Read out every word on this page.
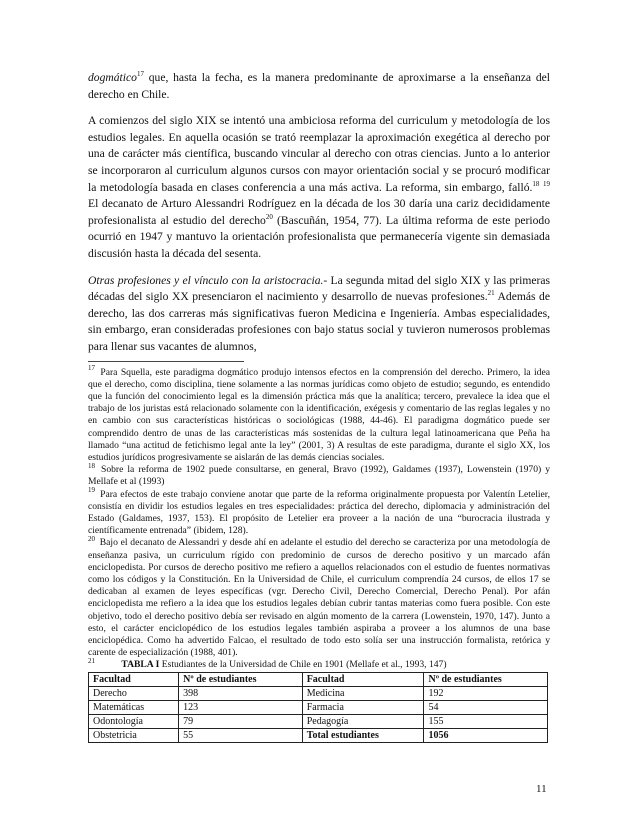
dogmático$^{17}$ que, hasta la fecha, es la manera predominante de aproximarse a la enseñanza del derecho en Chile.

A comienzos del siglo XIX se intentó una ambiciosa reforma del curriculum y metodología de los estudios legales. En aquella ocasión se trató reemplazar la aproximación exegética al derecho por una de carácter más científica, buscando vincular al derecho con otras ciencias. Junto a lo anterior se incorporaron al curriculum algunos cursos con mayor orientación social y se procuró modificar la metodología basada en clases conferencia a una más activa. La reforma, sin embargo, falló.$^{18}$ $^{19}$ El decanato de Arturo Alessandri Rodríguez en la década de los 30 daría una cariz decididamente profesionalista al estudio del derecho$^{20}$ (Bascuñán, 1954, 77). La última reforma de este periodo ocurrió en 1947 y mantuvo la orientación profesionalista que permanecería vigente sin demasiada discusión hasta la década del sesenta.

Otras profesiones y el vínculo con la aristocracia.- La segunda mitad del siglo XIX y las primeras décadas del siglo XX presenciaron el nacimiento y desarrollo de nuevas profesiones.$^{21}$ Además de derecho, las dos carreras más significativas fueron Medicina e Ingeniería. Ambas especialidades, sin embargo, eran consideradas profesiones con bajo status social y tuvieron numerosos problemas para llenar sus vacantes de alumnos,

$^{17}$ Para Squella, este paradigma dogmático produjo intensos efectos en la comprensión del derecho. Primero, la idea que el derecho, como disciplina, tiene solamente a las normas jurídicas como objeto de estudio; segundo, es entendido que la función del conocimiento legal es la dimensión práctica más que la analítica; tercero, prevalece la idea que el trabajo de los juristas está relacionado solamente con la identificación, exégesis y comentario de las reglas legales y no en cambio con sus características históricas o sociológicas (1988, 44-46). El paradigma dogmático puede ser comprendido dentro de unas de las características más sostenidas de la cultura legal latinoamericana que Peña ha llamado “una actitud de fetichismo legal ante la ley” (2001, 3) A resultas de este paradigma, durante el siglo XX, los estudios jurídicos progresivamente se aislarán de las demás ciencias sociales.

$^{18}$ Sobre la reforma de 1902 puede consultarse, en general, Bravo (1992), Galdames (1937), Lowenstein (1970) y Mellafe et al (1993)

$^{19}$ Para efectos de este trabajo conviene anotar que parte de la reforma originalmente propuesta por Valentín Letelier, consistía en dividir los estudios legales en tres especialidades: práctica del derecho, diplomacia y administración del Estado (Galdames, 1937, 153). El propósito de Letelier era proveer a la nación de una “burocracia ilustrada y científicamente entrenada” (ibidem, 128).

$^{20}$ Bajo el decanato de Alessandri y desde ahí en adelante el estudio del derecho se caracteriza por una metodología de enseñanza pasiva, un curriculum rígido con predominio de cursos de derecho positivo y un marcado afán enciclopedista. Por cursos de derecho positivo me refiero a aquellos relacionados con el estudio de fuentes normativas como los códigos y la Constitución. En la Universidad de Chile, el curriculum comprendía 24 cursos, de ellos 17 se dedicaban al examen de leyes específicas (vgr. Derecho Civil, Derecho Comercial, Derecho Penal). Por afán enciclopedista me refiero a la idea que los estudios legales debían cubrir tantas materias como fuera posible. Con este objetivo, todo el derecho positivo debía ser revisado en algún momento de la carrera (Lowenstein, 1970, 147). Junto a esto, el carácter enciclopédico de los estudios legales también aspiraba a proveer a los alumnos de una base enciclopédica. Como ha advertido Falcao, el resultado de todo esto solía ser una instrucción formalista, retórica y carente de especialización (1988, 401).

$^{21}$	TABLA I Estudiantes de la Universidad de Chile en 1901 (Mellafe et al., 1993, 147)

Facultad	Nº de estudiantes	Facultad	Nº de estudiantes
Derecho	398	Medicina	192
Matemáticas	123	Farmacia	54
Odontología	79	Pedagogía	155
Obstetricia	55	Total estudiantes	1056
11
